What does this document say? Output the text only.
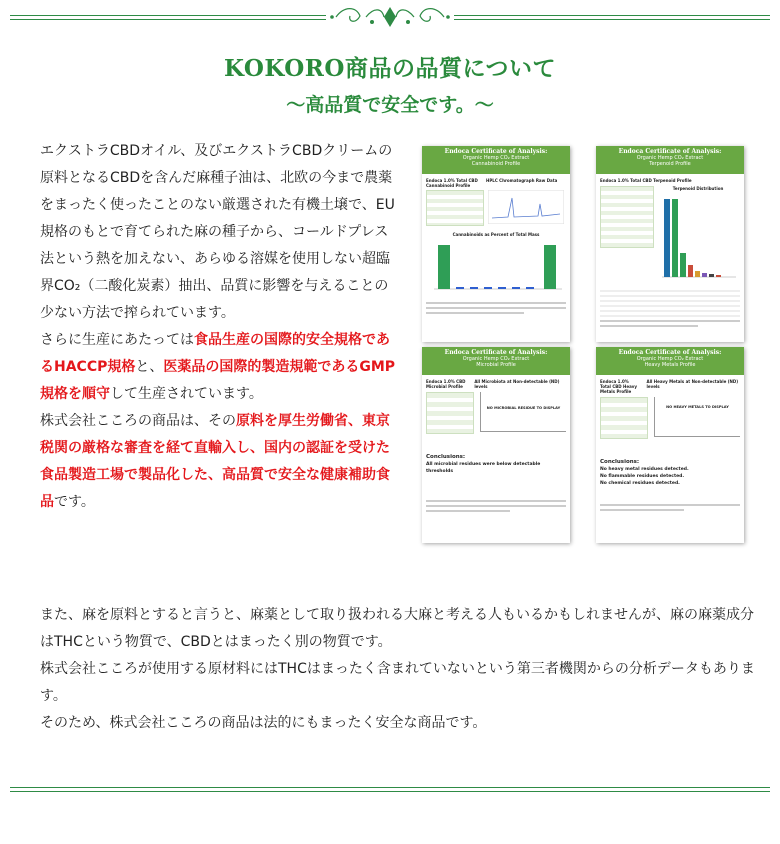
KOKORO商品の品質について
〜高品質で安全です。〜

エクストラCBDオイル、及びエクストラCBDクリームの原料となるCBDを含んだ麻種子油は、北欧の今まで農薬をまったく使ったことのない厳選された有機土壌で、EU規格のもとで育てられた麻の種子から、コールドプレス法という熱を加えない、あらゆる溶媒を使用しない超臨界CO₂（二酸化炭素）抽出、品質に影響を与えることの少ない方法で搾られています。

さらに生産にあたっては食品生産の国際的安全規格であるHACCP規格と、医薬品の国際的製造規範であるGMP規格を順守して生産されています。

株式会社こころの商品は、その原料を厚生労働省、東京税関の厳格な審査を経て直輸入し、国内の認証を受けた食品製造工場で製品化した、高品質で安全な健康補助食品です。

Endoca Certificate of Analysis:
Organic Hemp CO₂ Extract
Cannabinoid Profile
Endoca 1.0% Total CBD Cannabinoid Profile
HPLC Chromatograph Raw Data
Cannabinoids as Percent of Total Mass
Endoca Certificate of Analysis:
Organic Hemp CO₂ Extract
Terpenoid Profile
Endoca 1.0% Total CBD Terpenoid Profile
Terpenoid Distribution
Endoca Certificate of Analysis:
Organic Hemp CO₂ Extract
Microbial Profile
Endoca 1.0% CBD Microbial Profile
All Microbiota at Non-detectable (ND) levels
NO MICROBIAL RESIDUE TO DISPLAY
Conclusions:
All microbial residues were below detectable thresholds
Endoca Certificate of Analysis:
Organic Hemp CO₂ Extract
Heavy Metals Profile
Endoca 1.0% Total CBD Heavy Metals Profile
All Heavy Metals at Non-detectable (ND) levels
NO HEAVY METALS TO DISPLAY
Conclusions:
No heavy metal residues detected.
No flammable residues detected.
No chemical residues detected.

また、麻を原料とすると言うと、麻薬として取り扱われる大麻と考える人もいるかもしれませんが、麻の麻薬成分はTHCという物質で、CBDとはまったく別の物質です。

株式会社こころが使用する原材料にはTHCはまったく含まれていないという第三者機関からの分析データもあります。

そのため、株式会社こころの商品は法的にもまったく安全な商品です。
